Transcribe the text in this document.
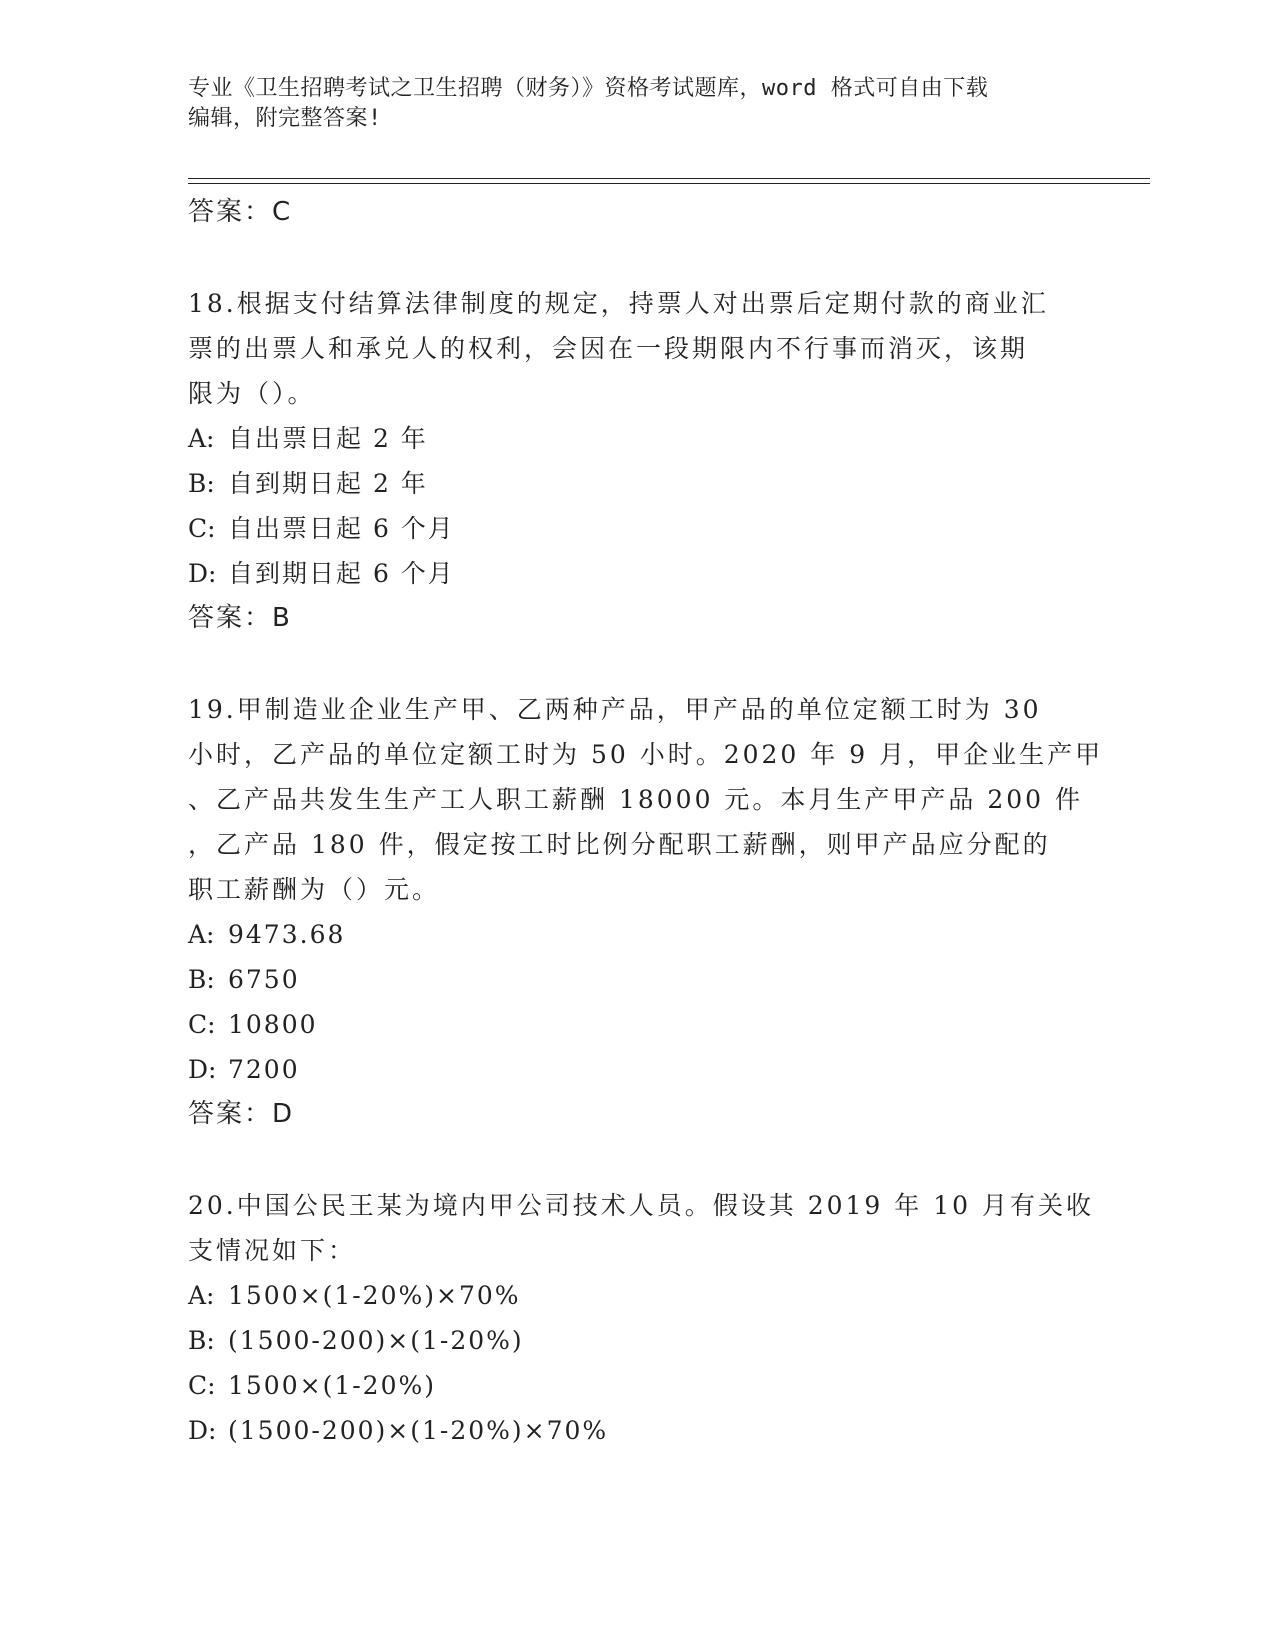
专业《卫生招聘考试之卫生招聘（财务）》资格考试题库，word 格式可自由下载
编辑，附完整答案!
答案：C
18.根据支付结算法律制度的规定，持票人对出票后定期付款的商业汇
票的出票人和承兑人的权利，会因在一段期限内不行事而消灭，该期
限为（）。
A: 自出票日起 2 年
B: 自到期日起 2 年
C: 自出票日起 6 个月
D: 自到期日起 6 个月
答案：B
19.甲制造业企业生产甲、乙两种产品，甲产品的单位定额工时为 30
小时，乙产品的单位定额工时为 50 小时。2020 年 9 月，甲企业生产甲
、乙产品共发生生产工人职工薪酬 18000 元。本月生产甲产品 200 件
，乙产品 180 件，假定按工时比例分配职工薪酬，则甲产品应分配的
职工薪酬为（）元。
A: 9473.68
B: 6750
C: 10800
D: 7200
答案：D
20.中国公民王某为境内甲公司技术人员。假设其 2019 年 10 月有关收
支情况如下：
A: 1500×(1-20%)×70%
B: (1500-200)×(1-20%)
C: 1500×(1-20%)
D: (1500-200)×(1-20%)×70%
